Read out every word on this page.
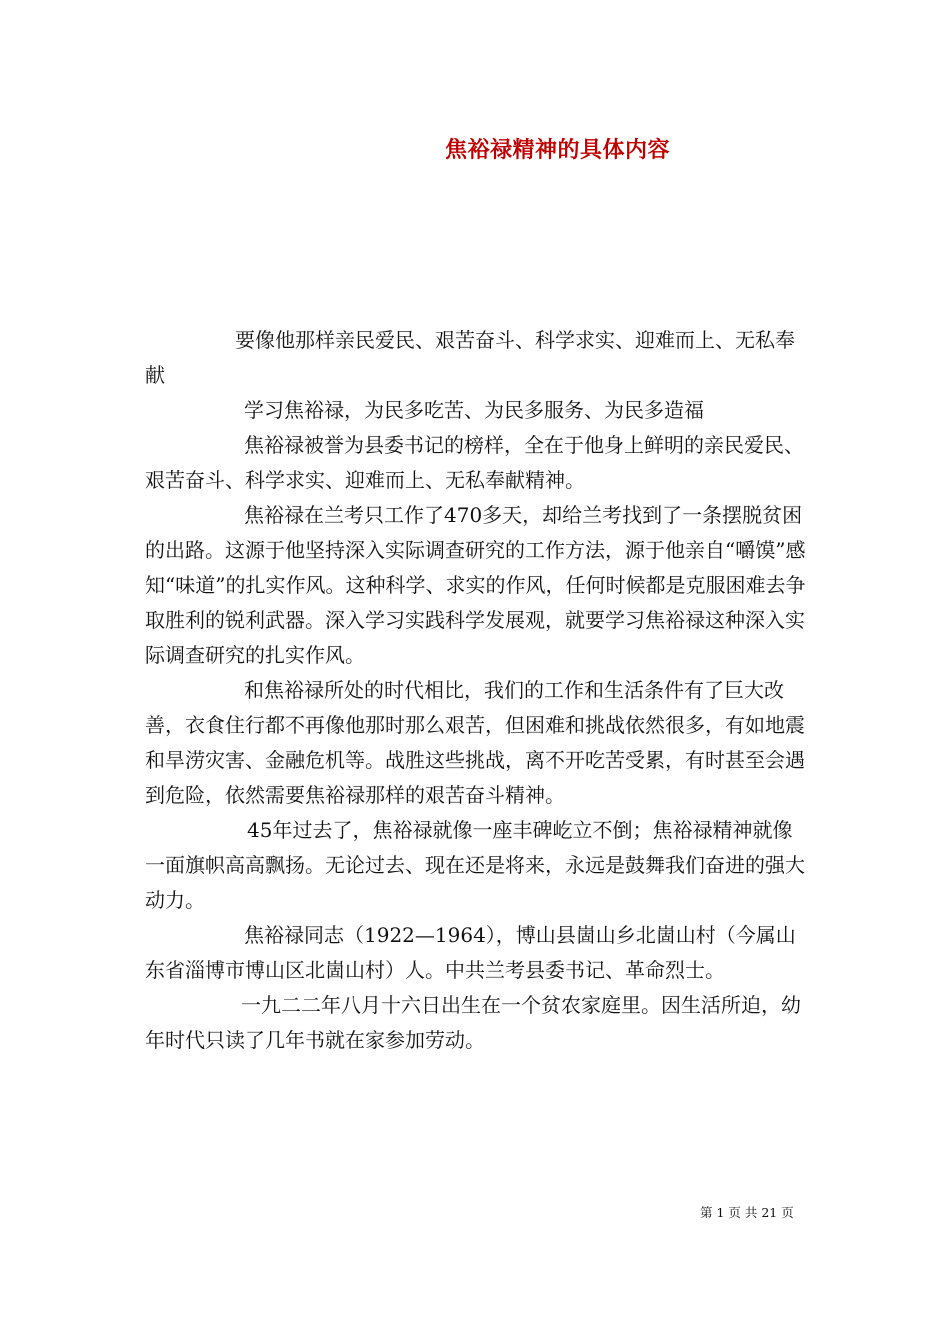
焦裕禄精神的具体内容

要像他那样亲民爱民、艰苦奋斗、科学求实、迎难而上、无私奉献

学习焦裕禄，为民多吃苦、为民多服务、为民多造福

焦裕禄被誉为县委书记的榜样，全在于他身上鲜明的亲民爱民、艰苦奋斗、科学求实、迎难而上、无私奉献精神。

焦裕禄在兰考只工作了470多天，却给兰考找到了一条摆脱贫困的出路。这源于他坚持深入实际调查研究的工作方法，源于他亲自“嚼馍”感知“味道”的扎实作风。这种科学、求实的作风，任何时候都是克服困难去争取胜利的锐利武器。深入学习实践科学发展观，就要学习焦裕禄这种深入实际调查研究的扎实作风。

和焦裕禄所处的时代相比，我们的工作和生活条件有了巨大改善，衣食住行都不再像他那时那么艰苦，但困难和挑战依然很多，有如地震和旱涝灾害、金融危机等。战胜这些挑战，离不开吃苦受累，有时甚至会遇到危险，依然需要焦裕禄那样的艰苦奋斗精神。

45年过去了，焦裕禄就像一座丰碑屹立不倒；焦裕禄精神就像一面旗帜高高飘扬。无论过去、现在还是将来，永远是鼓舞我们奋进的强大动力。

焦裕禄同志（1922—1964），博山县崮山乡北崮山村（今属山东省淄博市博山区北崮山村）人。中共兰考县委书记、革命烈士。

一九二二年八月十六日出生在一个贫农家庭里。因生活所迫，幼年时代只读了几年书就在家参加劳动。

第 1 页 共 21 页
